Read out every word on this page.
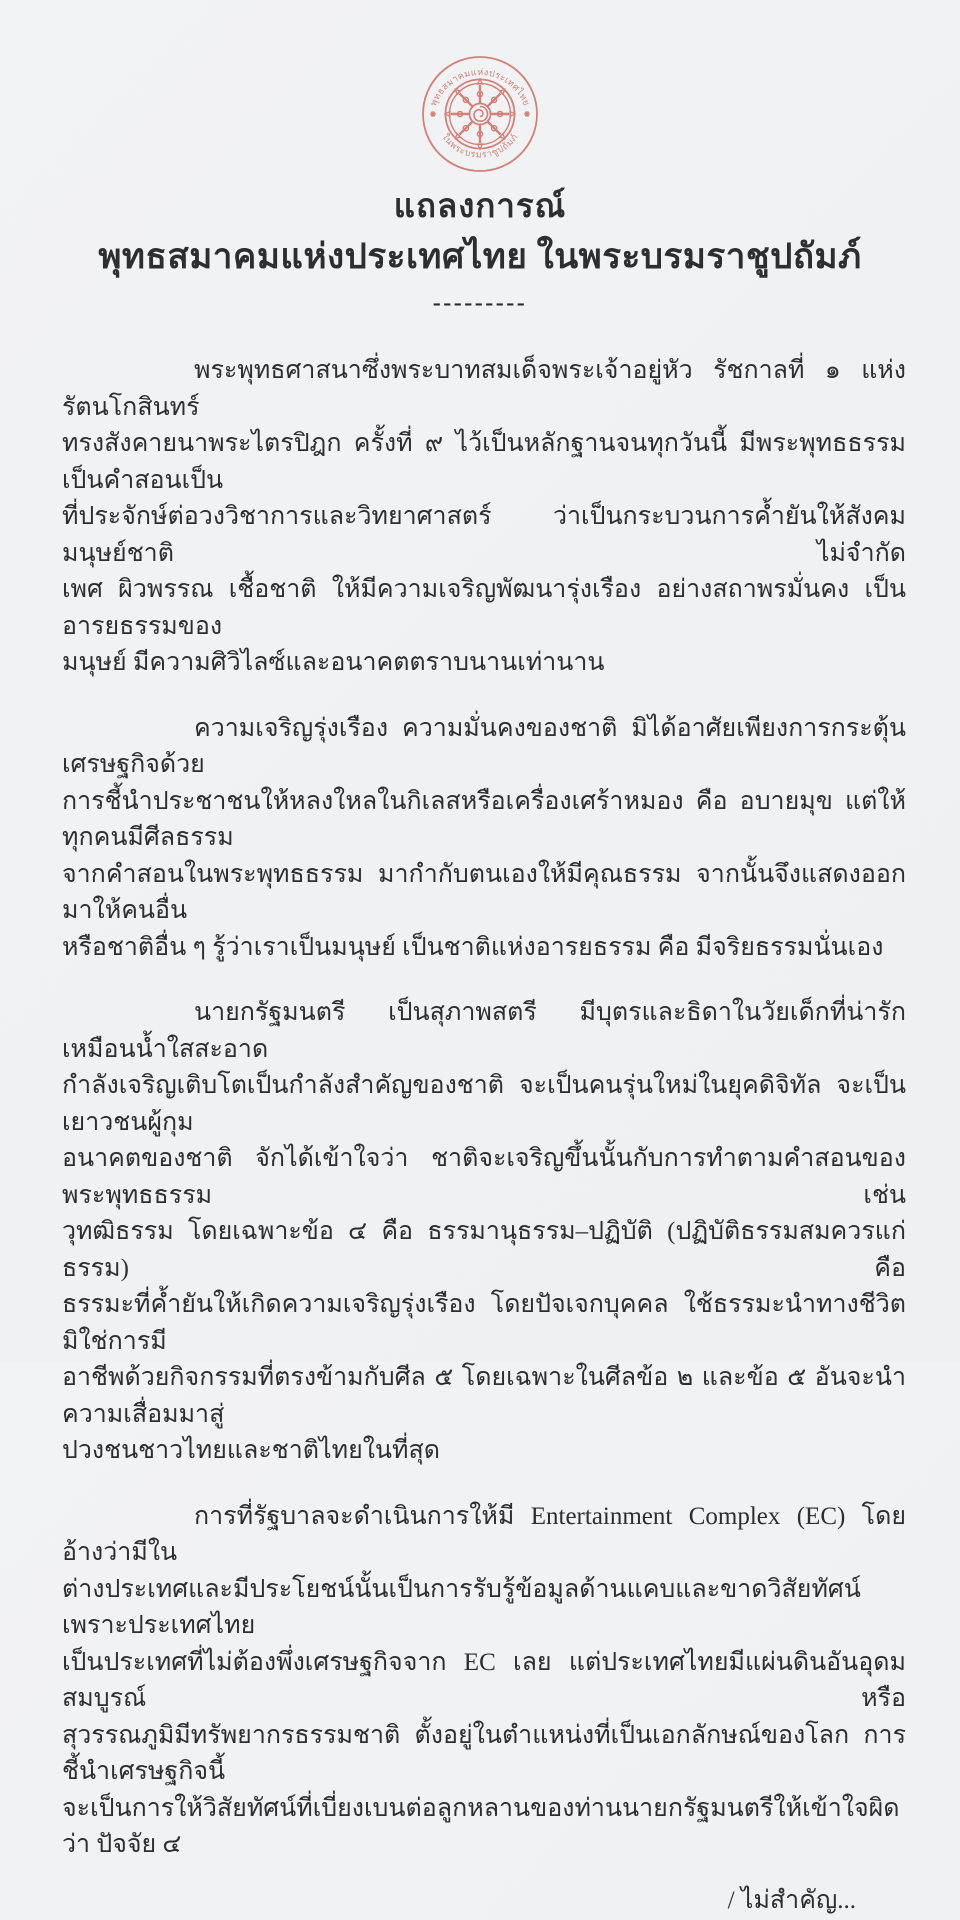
พุทธสมาคมแห่งประเทศไทย
ในพระบรมราชูปถัมภ์
แถลงการณ์
พุทธสมาคมแห่งประเทศไทย ในพระบรมราชูปถัมภ์
---------
พระพุทธศาสนาซึ่งพระบาทสมเด็จพระเจ้าอยู่หัว รัชกาลที่ ๑ แห่งรัตนโกสินทร์
ทรงสังคายนาพระไตรปิฎก ครั้งที่ ๙ ไว้เป็นหลักฐานจนทุกวันนี้ มีพระพุทธธรรมเป็นคำสอนเป็น
ที่ประจักษ์ต่อวงวิชาการและวิทยาศาสตร์ ว่าเป็นกระบวนการค้ำยันให้สังคมมนุษย์ชาติ ไม่จำกัด
เพศ ผิวพรรณ เชื้อชาติ ให้มีความเจริญพัฒนารุ่งเรือง อย่างสถาพรมั่นคง เป็นอารยธรรมของ
มนุษย์ มีความศิวิไลซ์และอนาคตตราบนานเท่านาน
ความเจริญรุ่งเรือง ความมั่นคงของชาติ มิได้อาศัยเพียงการกระตุ้นเศรษฐกิจด้วย
การชี้นำประชาชนให้หลงใหลในกิเลสหรือเครื่องเศร้าหมอง คือ อบายมุข แต่ให้ทุกคนมีศีลธรรม
จากคำสอนในพระพุทธธรรม มากำกับตนเองให้มีคุณธรรม จากนั้นจึงแสดงออกมาให้คนอื่น
หรือชาติอื่น ๆ รู้ว่าเราเป็นมนุษย์ เป็นชาติแห่งอารยธรรม คือ มีจริยธรรมนั่นเอง
นายกรัฐมนตรี เป็นสุภาพสตรี มีบุตรและธิดาในวัยเด็กที่น่ารักเหมือนน้ำใสสะอาด
กำลังเจริญเติบโตเป็นกำลังสำคัญของชาติ จะเป็นคนรุ่นใหม่ในยุคดิจิทัล จะเป็นเยาวชนผู้กุม
อนาคตของชาติ จักได้เข้าใจว่า ชาติจะเจริญขึ้นนั้นกับการทำตามคำสอนของพระพุทธธรรม เช่น
วุทฒิธรรม โดยเฉพาะข้อ ๔ คือ ธรรมานุธรรม–ปฏิบัติ (ปฏิบัติธรรมสมควรแก่ธรรม) คือ
ธรรมะที่ค้ำยันให้เกิดความเจริญรุ่งเรือง โดยปัจเจกบุคคล ใช้ธรรมะนำทางชีวิต มิใช่การมี
อาชีพด้วยกิจกรรมที่ตรงข้ามกับศีล ๕ โดยเฉพาะในศีลข้อ ๒ และข้อ ๕ อันจะนำความเสื่อมมาสู่
ปวงชนชาวไทยและชาติไทยในที่สุด
การที่รัฐบาลจะดำเนินการให้มี Entertainment Complex (EC) โดยอ้างว่ามีใน
ต่างประเทศและมีประโยชน์นั้นเป็นการรับรู้ข้อมูลด้านแคบและขาดวิสัยทัศน์ เพราะประเทศไทย
เป็นประเทศที่ไม่ต้องพึ่งเศรษฐกิจจาก EC เลย แต่ประเทศไทยมีแผ่นดินอันอุดมสมบูรณ์ หรือ
สุวรรณภูมิมีทรัพยากรธรรมชาติ ตั้งอยู่ในตำแหน่งที่เป็นเอกลักษณ์ของโลก การชี้นำเศรษฐกิจนี้
จะเป็นการให้วิสัยทัศน์ที่เบี่ยงเบนต่อลูกหลานของท่านนายกรัฐมนตรีให้เข้าใจผิดว่า ปัจจัย ๔
/ ไม่สำคัญ...
